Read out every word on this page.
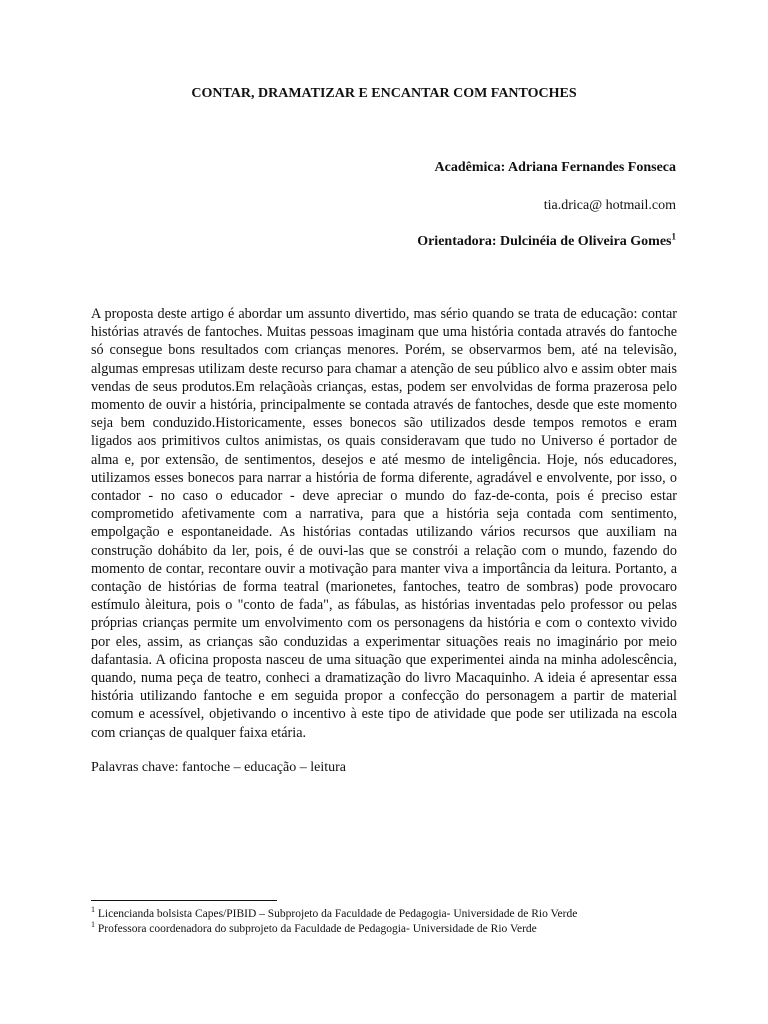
CONTAR, DRAMATIZAR E ENCANTAR COM FANTOCHES
Acadêmica: Adriana Fernandes Fonseca
tia.drica@ hotmail.com
Orientadora: Dulcinéia de Oliveira Gomes$^1$

A proposta deste artigo é abordar um assunto divertido, mas sério quando se trata de educação: contar histórias através de fantoches. Muitas pessoas imaginam que uma história contada através do fantoche só consegue bons resultados com crianças menores. Porém, se observarmos bem, até na televisão, algumas empresas utilizam deste recurso para chamar a atenção de seu público alvo e assim obter mais vendas de seus produtos.Em relaçãoàs crianças, estas, podem ser envolvidas de forma prazerosa pelo momento de ouvir a história, principalmente se contada através de fantoches, desde que este momento seja bem conduzido.Historicamente, esses bonecos são utilizados desde tempos remotos e eram ligados aos primitivos cultos animistas, os quais consideravam que tudo no Universo é portador de alma e, por extensão, de sentimentos, desejos e até mesmo de inteligência. Hoje, nós educadores, utilizamos esses bonecos para narrar a história de forma diferente, agradável e envolvente, por isso, o contador - no caso o educador - deve apreciar o mundo do faz-de-conta, pois é preciso estar comprometido afetivamente com a narrativa, para que a história seja contada com sentimento, empolgação e espontaneidade. As histórias contadas utilizando vários recursos que auxiliam na construção dohábito da ler, pois, é de ouvi-las que se constrói a relação com o mundo, fazendo do momento de contar, recontare ouvir a motivação para manter viva a importância da leitura. Portanto, a contação de histórias de forma teatral (marionetes, fantoches, teatro de sombras) pode provocaro estímulo àleitura, pois o "conto de fada", as fábulas, as histórias inventadas pelo professor ou pelas próprias crianças permite um envolvimento com os personagens da história e com o contexto vivido por eles, assim, as crianças são conduzidas a experimentar situações reais no imaginário por meio dafantasia. A oficina proposta nasceu de uma situação que experimentei ainda na minha adolescência, quando, numa peça de teatro, conheci a dramatização do livro Macaquinho. A ideia é apresentar essa história utilizando fantoche e em seguida propor a confecção do personagem a partir de material comum e acessível, objetivando o incentivo à este tipo de atividade que pode ser utilizada na escola com crianças de qualquer faixa etária.

Palavras chave: fantoche – educação – leitura
$^1$ Licencianda bolsista Capes/PIBID – Subprojeto da Faculdade de Pedagogia- Universidade de Rio Verde
$^1$ Professora coordenadora do subprojeto da Faculdade de Pedagogia- Universidade de Rio Verde
